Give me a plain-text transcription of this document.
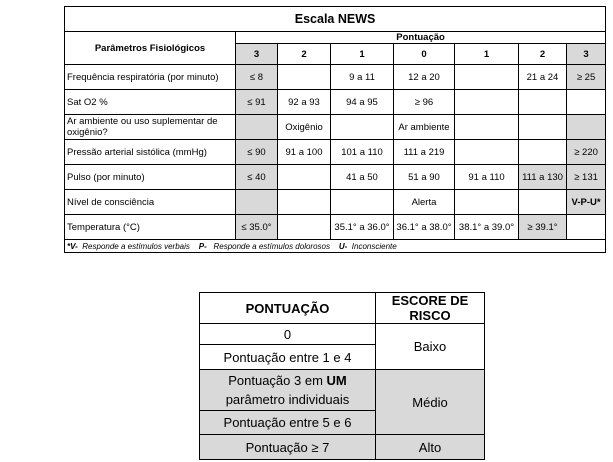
Escala NEWS							
Parâmetros Fisiológicos	Pontuação						
	3	2	1	0	1	2	3
Frequência respiratória (por minuto)	≤ 8		9 a 11	12 a 20		21 a 24	≥ 25
Sat O2 %	≤ 91	92 a 93	94 a 95	≥ 96			
Ar ambiente ou uso suplementar de oxigênio?		Oxigênio		Ar ambiente			
Pressão arterial sistólica (mmHg)	≤ 90	91 a 100	101 a 110	111 a 219			≥ 220
Pulso (por minuto)	≤ 40		41 a 50	51 a 90	91 a 110	111 a 130	≥ 131
Nível de consciência				Alerta			V-P-U*
Temperatura (°C)	≤ 35.0°		35.1° a 36.0°	36.1° a 38.0°	38.1° a 39.0°	≥ 39.1°	
*V- Responde a estímulos verbais P- Responde a estímulos dolorosos U- Inconsciente							
PONTUAÇÃO	ESCORE DE RISCO
0	Baixo
Pontuação entre 1 e 4	
Pontuação 3 em UM
parâmetro individuais	Médio
Pontuação entre 5 e 6	
Pontuação ≥ 7	Alto
